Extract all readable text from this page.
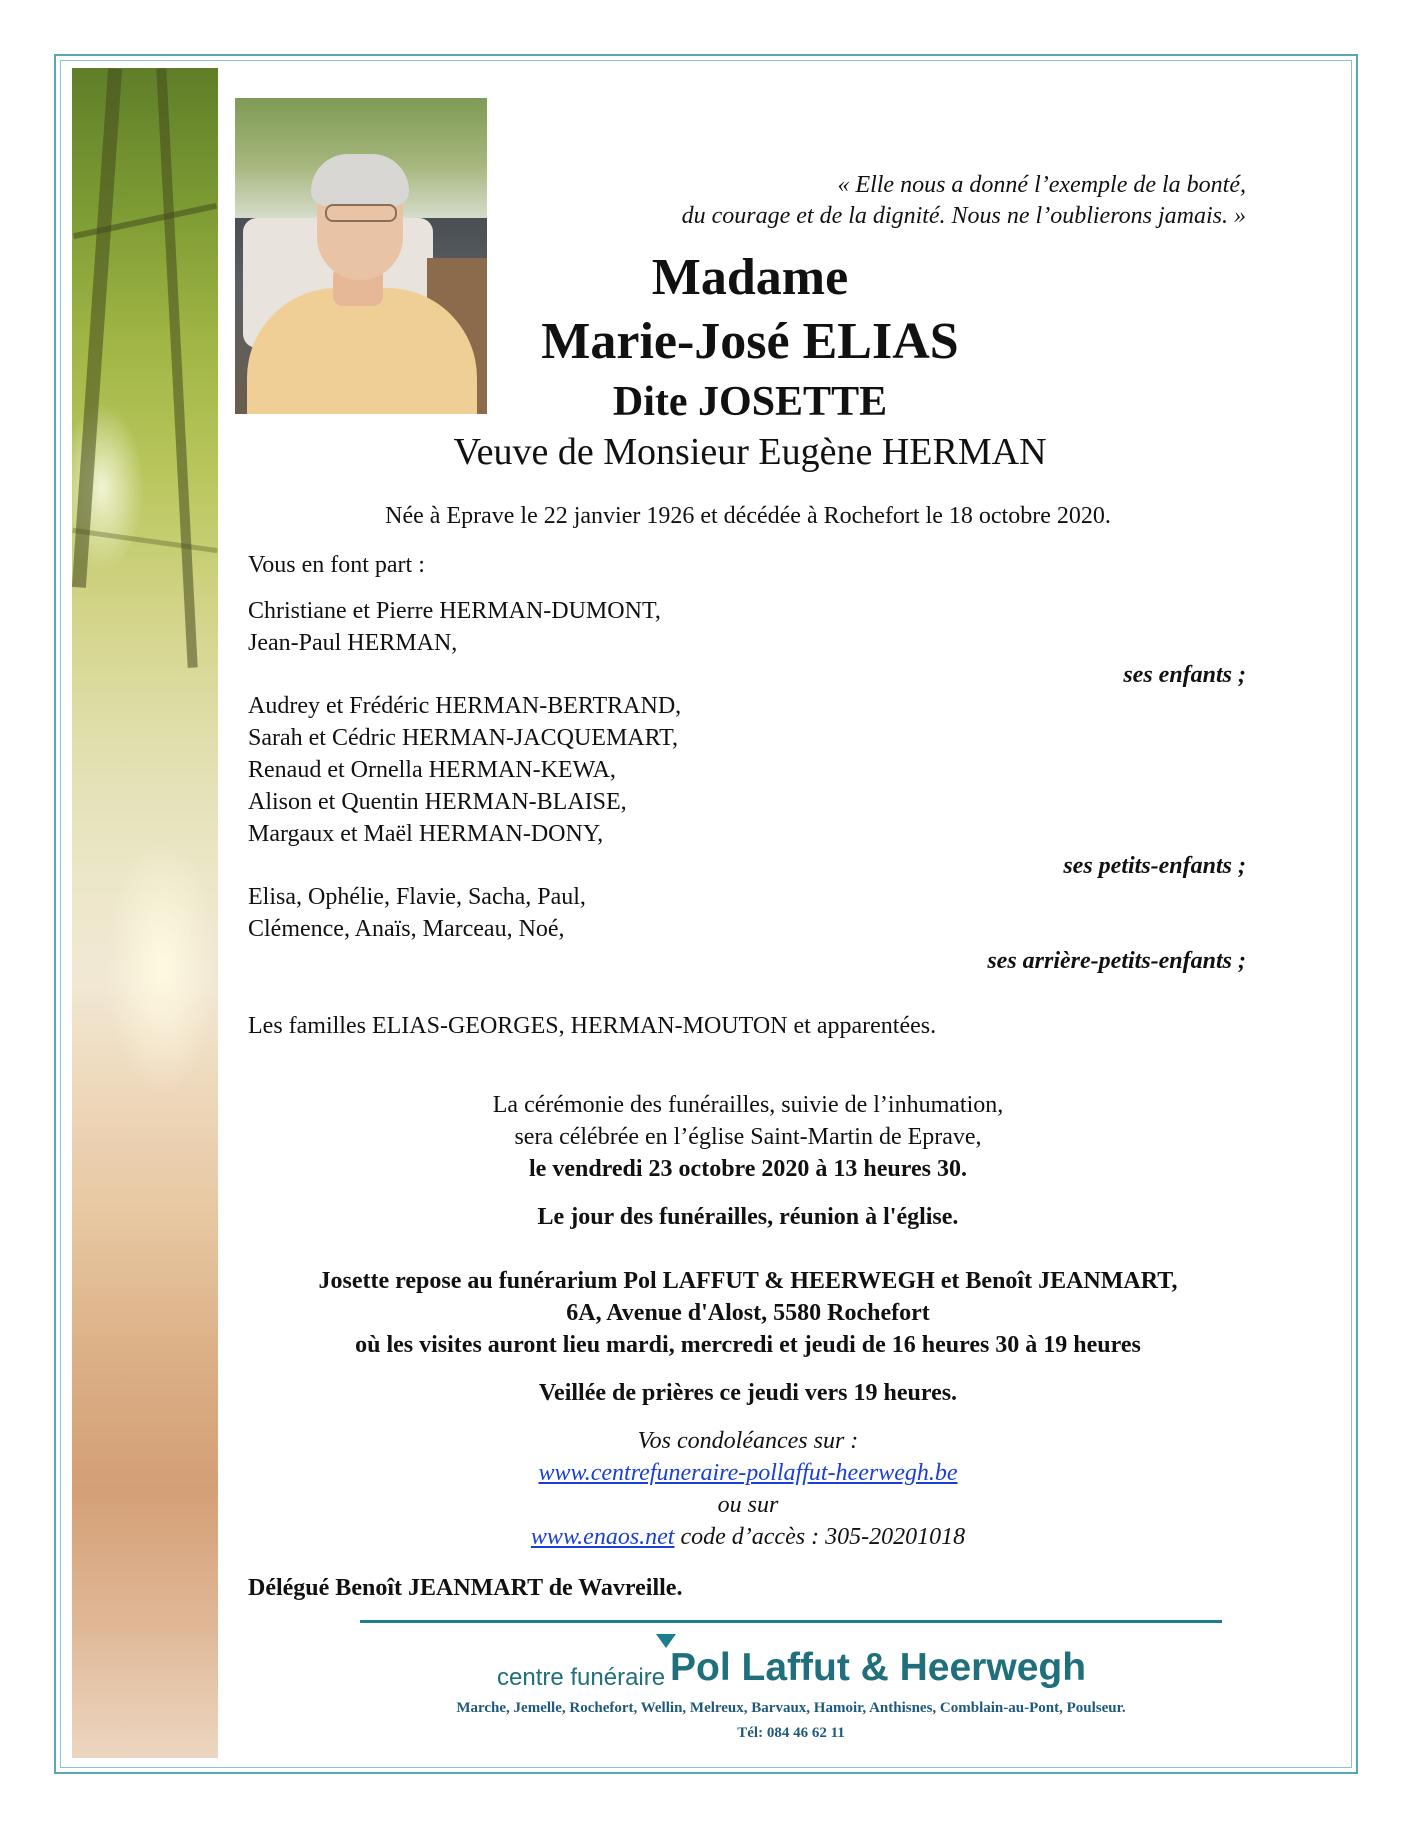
« Elle nous a donné l’exemple de la bonté,
du courage et de la dignité. Nous ne l’oublierons jamais. »
Madame
Marie-José ELIAS
Dite JOSETTE
Veuve de Monsieur Eugène HERMAN
Née à Eprave le 22 janvier 1926 et décédée à Rochefort le 18 octobre 2020.
Vous en font part :
Christiane et Pierre HERMAN-DUMONT,
Jean-Paul HERMAN,
ses enfants ;
Audrey et Frédéric HERMAN-BERTRAND,
Sarah et Cédric HERMAN-JACQUEMART,
Renaud et Ornella HERMAN-KEWA,
Alison et Quentin HERMAN-BLAISE,
Margaux et Maël HERMAN-DONY,
ses petits-enfants ;
Elisa, Ophélie, Flavie, Sacha, Paul,
Clémence, Anaïs, Marceau, Noé,
ses arrière-petits-enfants ;
Les familles ELIAS-GEORGES, HERMAN-MOUTON et apparentées.
La cérémonie des funérailles, suivie de l’inhumation,
sera célébrée en l’église Saint-Martin de Eprave,
le vendredi 23 octobre 2020 à 13 heures 30.
Le jour des funérailles, réunion à l'église.
Josette repose au funérarium Pol LAFFUT & HEERWEGH et Benoît JEANMART,
6A, Avenue d'Alost, 5580 Rochefort
où les visites auront lieu mardi, mercredi et jeudi de 16 heures 30 à 19 heures
Veillée de prières ce jeudi vers 19 heures.
Vos condoléances sur :
www.centrefuneraire-pollaffut-heerwegh.be
ou sur
www.enaos.net code d’accès : 305-20201018
Délégué Benoît JEANMART de Wavreille.
centre funéraire Pol Laffut & Heerwegh
Marche, Jemelle, Rochefort, Wellin, Melreux, Barvaux, Hamoir, Anthisnes, Comblain-au-Pont, Poulseur.
Tél: 084 46 62 11
